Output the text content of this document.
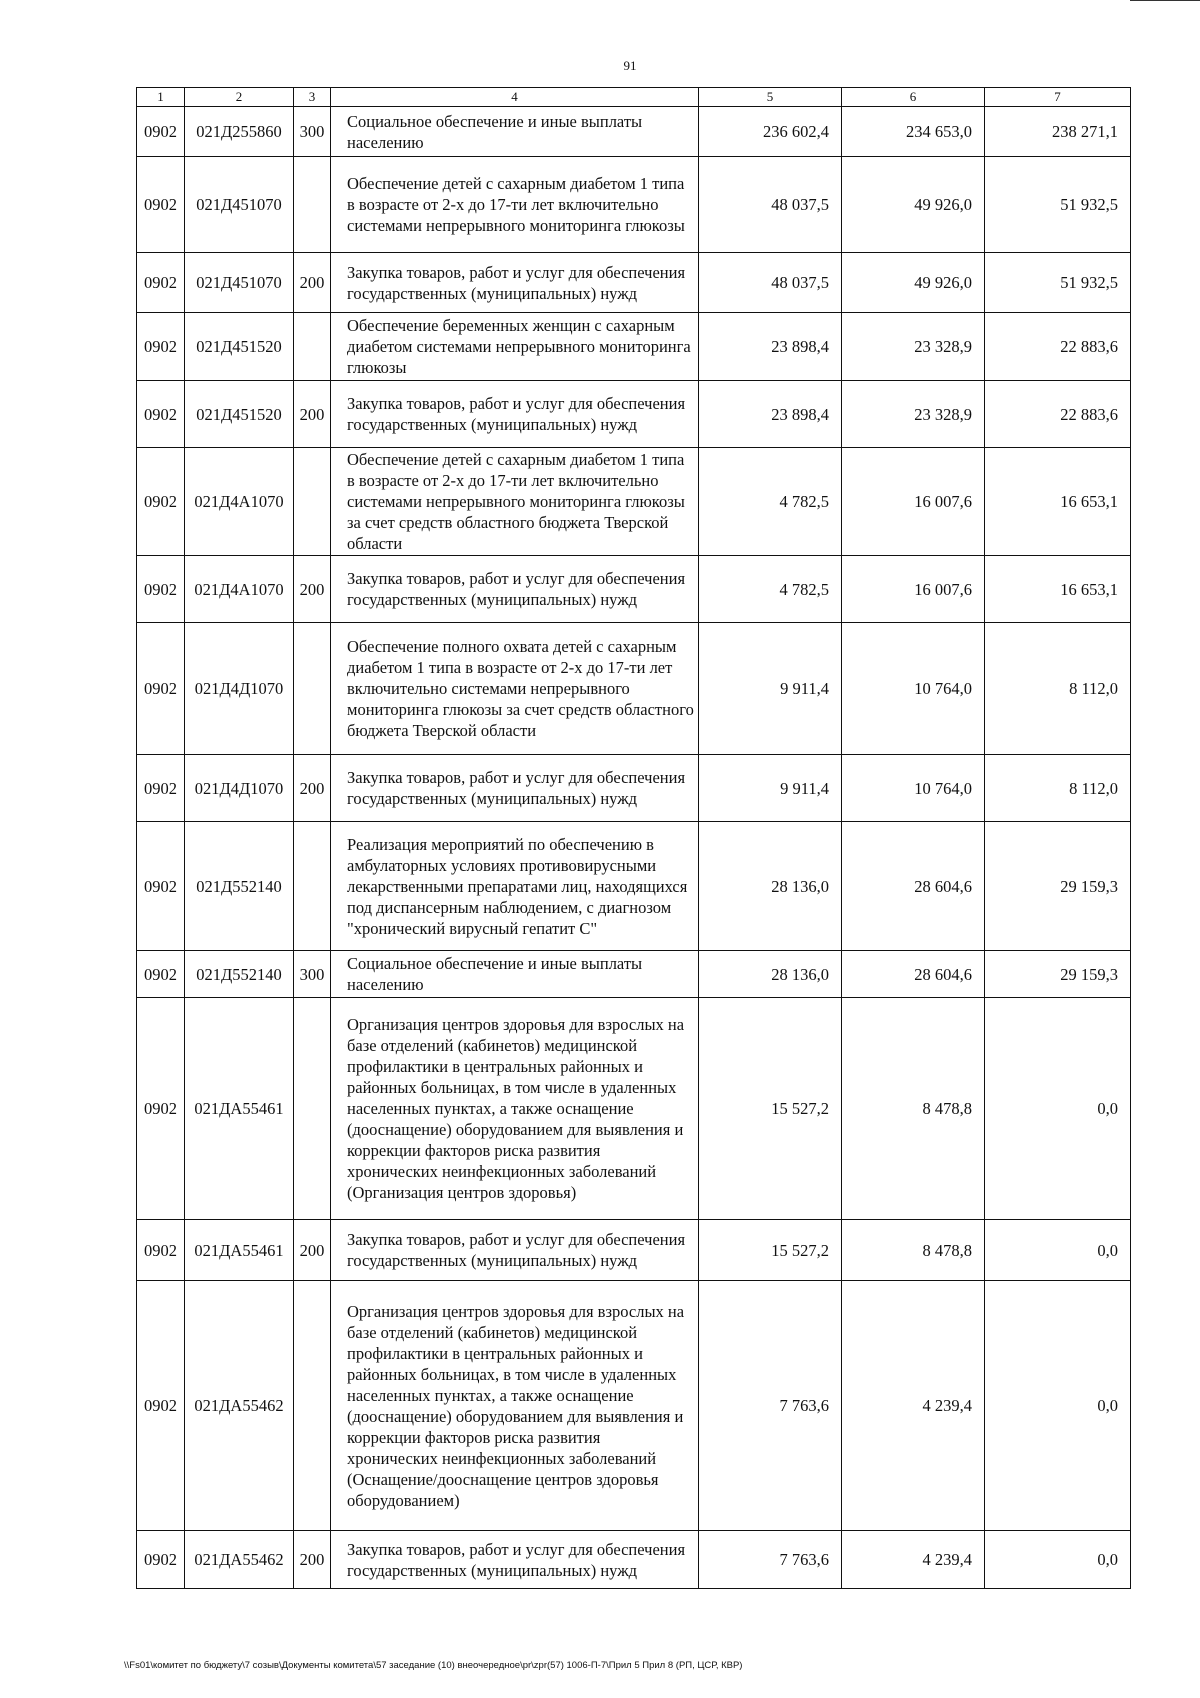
91
1	2	3	4	5	6	7
0902	021Д255860	300	Социальное обеспечение и иные выплаты населению	236 602,4	234 653,0	238 271,1
0902	021Д451070		Обеспечение детей с сахарным диабетом 1 типа в возрасте от 2-х до 17-ти лет включительно системами непрерывного мониторинга глюкозы	48 037,5	49 926,0	51 932,5
0902	021Д451070	200	Закупка товаров, работ и услуг для обеспечения государственных (муниципальных) нужд	48 037,5	49 926,0	51 932,5
0902	021Д451520		Обеспечение беременных женщин с сахарным диабетом системами непрерывного мониторинга глюкозы	23 898,4	23 328,9	22 883,6
0902	021Д451520	200	Закупка товаров, работ и услуг для обеспечения государственных (муниципальных) нужд	23 898,4	23 328,9	22 883,6
0902	021Д4А1070		Обеспечение детей с сахарным диабетом 1 типа в возрасте от 2-х до 17-ти лет включительно системами непрерывного мониторинга глюкозы за счет средств областного бюджета Тверской области	4 782,5	16 007,6	16 653,1
0902	021Д4А1070	200	Закупка товаров, работ и услуг для обеспечения государственных (муниципальных) нужд	4 782,5	16 007,6	16 653,1
0902	021Д4Д1070		Обеспечение полного охвата детей с сахарным диабетом 1 типа в возрасте от 2-х до 17-ти лет включительно системами непрерывного мониторинга глюкозы за счет средств областного бюджета Тверской области	9 911,4	10 764,0	8 112,0
0902	021Д4Д1070	200	Закупка товаров, работ и услуг для обеспечения государственных (муниципальных) нужд	9 911,4	10 764,0	8 112,0
0902	021Д552140		Реализация мероприятий по обеспечению в амбулаторных условиях противовирусными лекарственными препаратами лиц, находящихся под диспансерным наблюдением, с диагнозом "хронический вирусный гепатит С"	28 136,0	28 604,6	29 159,3
0902	021Д552140	300	Социальное обеспечение и иные выплаты населению	28 136,0	28 604,6	29 159,3
0902	021ДА55461		Организация центров здоровья для взрослых на базе отделений (кабинетов) медицинской профилактики в центральных районных и районных больницах, в том числе в удаленных населенных пунктах, а также оснащение (дооснащение) оборудованием для выявления и коррекции факторов риска развития хронических неинфекционных заболеваний (Организация центров здоровья)	15 527,2	8 478,8	0,0
0902	021ДА55461	200	Закупка товаров, работ и услуг для обеспечения государственных (муниципальных) нужд	15 527,2	8 478,8	0,0
0902	021ДА55462		Организация центров здоровья для взрослых на базе отделений (кабинетов) медицинской профилактики в центральных районных и районных больницах, в том числе в удаленных населенных пунктах, а также оснащение (дооснащение) оборудованием для выявления и коррекции факторов риска развития хронических неинфекционных заболеваний (Оснащение/дооснащение центров здоровья оборудованием)	7 763,6	4 239,4	0,0
0902	021ДА55462	200	Закупка товаров, работ и услуг для обеспечения государственных (муниципальных) нужд	7 763,6	4 239,4	0,0
\\Fs01\комитет по бюджету\7 созыв\Документы комитета\57 заседание (10) внеочередное\pr\zpr(57) 1006-П-7\Прил 5 Прил 8 (РП, ЦСР, КВР)
